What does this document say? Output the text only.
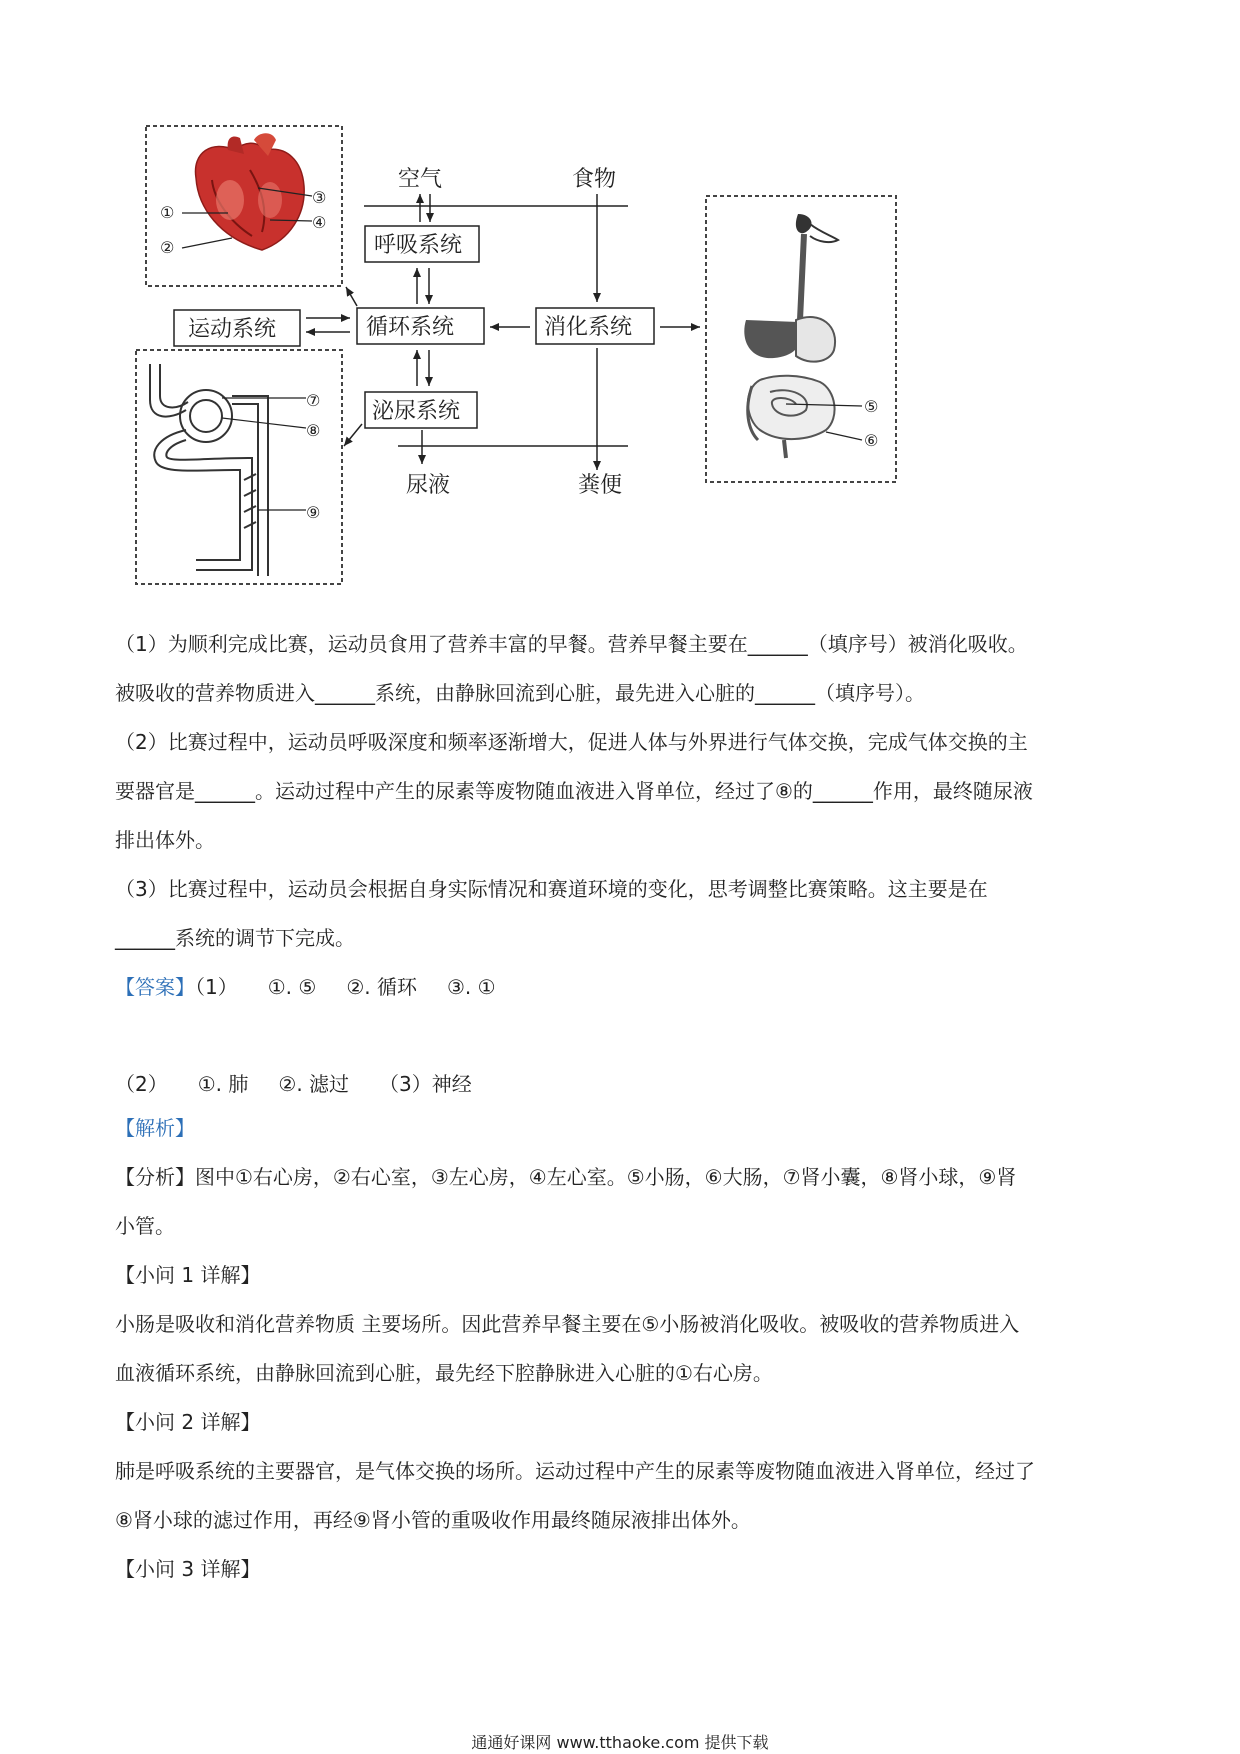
①
②
③
④
空气	食物
呼吸系统
循环系统
运动系统	消化系统
泌尿系统
尿液	粪便
⑤
⑥
⑦
⑧
⑨
（1）为顺利完成比赛，运动员食用了营养丰富的早餐。营养早餐主要在______（填序号）被消化吸收。
被吸收的营养物质进入______系统，由静脉回流到心脏，最先进入心脏的______（填序号）。
（2）比赛过程中，运动员呼吸深度和频率逐渐增大，促进人体与外界进行气体交换，完成气体交换的主
要器官是______。运动过程中产生的尿素等废物随血液进入肾单位，经过了⑧的______作用，最终随尿液
排出体外。
（3）比赛过程中，运动员会根据自身实际情况和赛道环境的变化，思考调整比赛策略。这主要是在
______系统的调节下完成。
【答案】（1） ①. ⑤ ②. 循环 ③. ①
（2） ①. 肺 ②. 滤过 （3）神经
【解析】
【分析】图中①右心房，②右心室，③左心房，④左心室。⑤小肠，⑥大肠，⑦肾小囊，⑧肾小球，⑨肾
小管。
【小问 1 详解】
小肠是吸收和消化营养物质 主要场所。因此营养早餐主要在⑤小肠被消化吸收。被吸收的营养物质进入
血液循环系统，由静脉回流到心脏，最先经下腔静脉进入心脏的①右心房。
【小问 2 详解】
肺是呼吸系统的主要器官，是气体交换的场所。运动过程中产生的尿素等废物随血液进入肾单位，经过了
⑧肾小球的滤过作用，再经⑨肾小管的重吸收作用最终随尿液排出体外。
【小问 3 详解】
通通好课网 www.tthaoke.com 提供下载
